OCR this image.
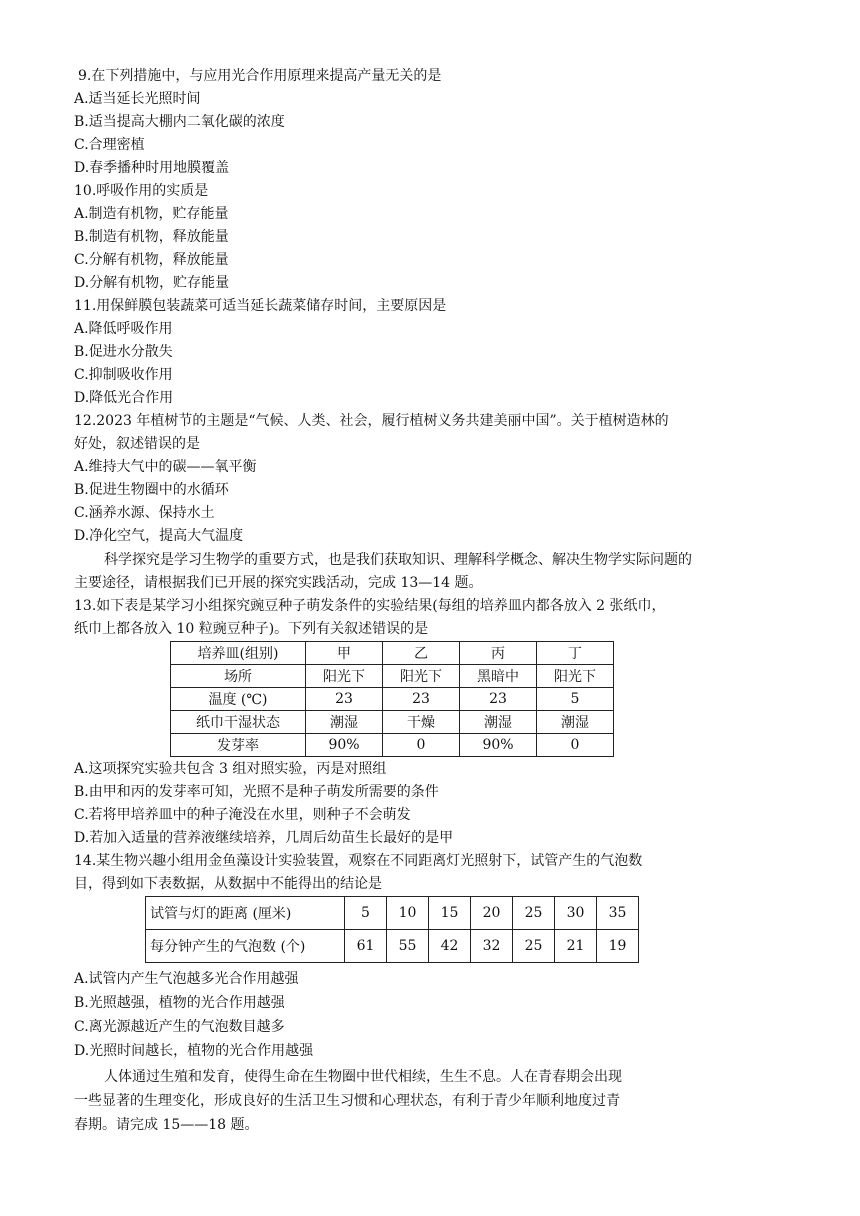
9.在下列措施中，与应用光合作用原理来提高产量无关的是
A.适当延长光照时间
B.适当提高大棚内二氧化碳的浓度
C.合理密植
D.春季播种时用地膜覆盖
10.呼吸作用的实质是
A.制造有机物，贮存能量
B.制造有机物，释放能量
C.分解有机物，释放能量
D.分解有机物，贮存能量
11.用保鲜膜包装蔬菜可适当延长蔬菜储存时间，主要原因是
A.降低呼吸作用
B.促进水分散失
C.抑制吸收作用
D.降低光合作用
12.2023 年植树节的主题是“气候、人类、社会，履行植树义务共建美丽中国”。关于植树造林的
好处，叙述错误的是
A.维持大气中的碳——氧平衡
B.促进生物圈中的水循环
C.涵养水源、保持水土
D.净化空气，提高大气温度
科学探究是学习生物学的重要方式，也是我们获取知识、理解科学概念、解决生物学实际问题的
主要途径，请根据我们已开展的探究实践活动，完成 13—14 题。
13.如下表是某学习小组探究豌豆种子萌发条件的实验结果(每组的培养皿内都各放入 2 张纸巾，
纸巾上都各放入 10 粒豌豆种子)。下列有关叙述错误的是
培养皿(组别)	甲	乙	丙	丁
场所	阳光下	阳光下	黑暗中	阳光下
温度 (℃)	23	23	23	5
纸巾干湿状态	潮湿	干燥	潮湿	潮湿
发芽率	90%	0	90%	0
A.这项探究实验共包含 3 组对照实验，丙是对照组
B.由甲和丙的发芽率可知，光照不是种子萌发所需要的条件
C.若将甲培养皿中的种子淹没在水里，则种子不会萌发
D.若加入适量的营养液继续培养，几周后幼苗生长最好的是甲
14.某生物兴趣小组用金鱼藻设计实验装置，观察在不同距离灯光照射下，试管产生的气泡数
目，得到如下表数据，从数据中不能得出的结论是
试管与灯的距离 (厘米)	5	10	15	20	25	30	35
每分钟产生的气泡数 (个)	61	55	42	32	25	21	19
A.试管内产生气泡越多光合作用越强
B.光照越强，植物的光合作用越强
C.离光源越近产生的气泡数目越多
D.光照时间越长，植物的光合作用越强
人体通过生殖和发育，使得生命在生物圈中世代相续，生生不息。人在青春期会出现
一些显著的生理变化，形成良好的生活卫生习惯和心理状态，有利于青少年顺利地度过青
春期。请完成 15——18 题。
